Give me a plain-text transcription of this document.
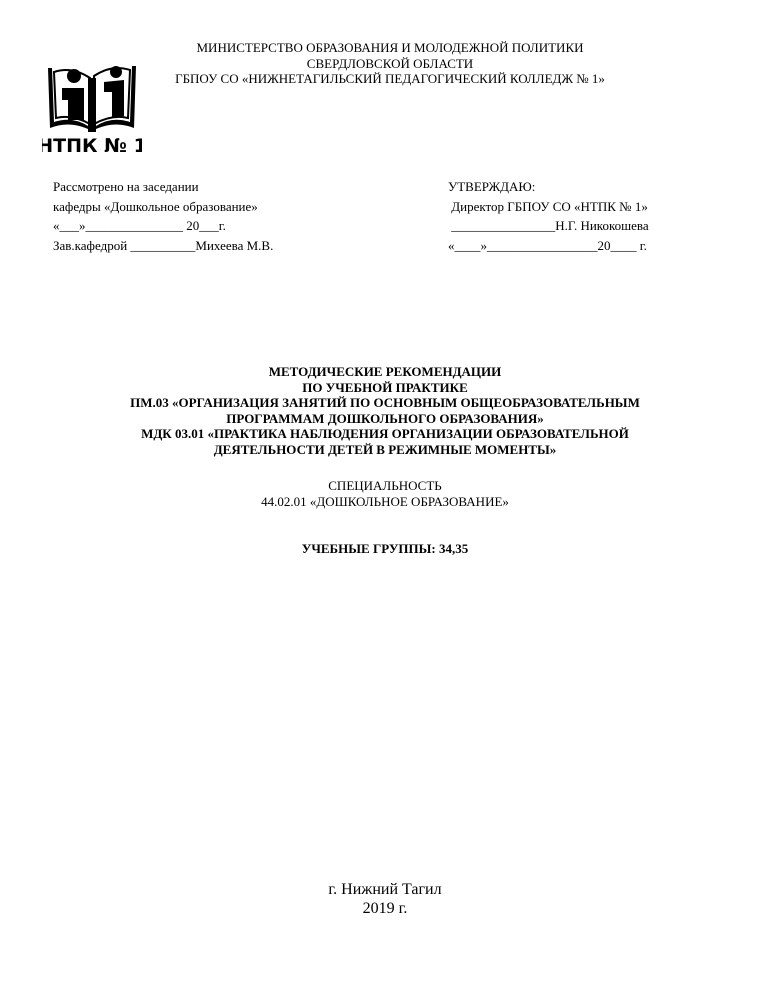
МИНИСТЕРСТВО ОБРАЗОВАНИЯ И МОЛОДЕЖНОЙ ПОЛИТИКИ
СВЕРДЛОВСКОЙ ОБЛАСТИ
ГБПОУ СО «НИЖНЕТАГИЛЬСКИЙ ПЕДАГОГИЧЕСКИЙ КОЛЛЕДЖ № 1»
НТПК № 1
Рассмотрено на заседании
кафедры «Дошкольное образование»
«___»_______________ 20___г.
Зав.кафедрой __________Михеева М.В.
УТВЕРЖДАЮ:
Директор ГБПОУ СО «НТПК № 1»
________________Н.Г. Никокошева
«____»_________________20____ г.
МЕТОДИЧЕСКИЕ РЕКОМЕНДАЦИИ
ПО УЧЕБНОЙ ПРАКТИКЕ
ПМ.03 «ОРГАНИЗАЦИЯ ЗАНЯТИЙ ПО ОСНОВНЫМ ОБЩЕОБРАЗОВАТЕЛЬНЫМ
ПРОГРАММАМ ДОШКОЛЬНОГО ОБРАЗОВАНИЯ»
МДК 03.01 «ПРАКТИКА НАБЛЮДЕНИЯ ОРГАНИЗАЦИИ ОБРАЗОВАТЕЛЬНОЙ
ДЕЯТЕЛЬНОСТИ ДЕТЕЙ В РЕЖИМНЫЕ МОМЕНТЫ»
СПЕЦИАЛЬНОСТЬ
44.02.01 «ДОШКОЛЬНОЕ ОБРАЗОВАНИЕ»
УЧЕБНЫЕ ГРУППЫ: 34,35
г. Нижний Тагил
2019 г.
